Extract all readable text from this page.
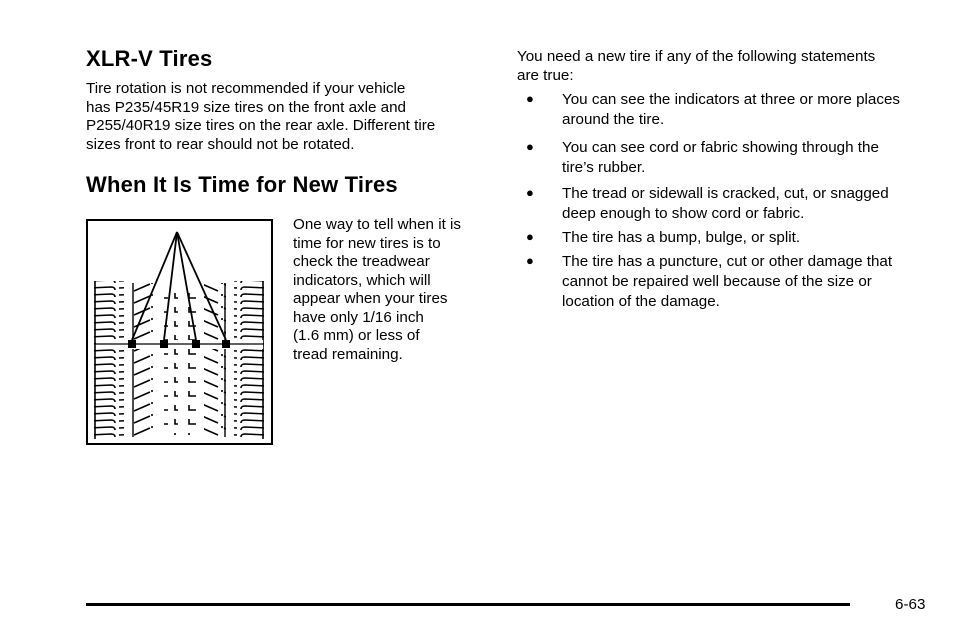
XLR-V Tires

Tire rotation is not recommended if your vehicle
has P235/45R19 size tires on the front axle and
P255/40R19 size tires on the rear axle. Different tire
sizes front to rear should not be rotated.

When It Is Time for New Tires

One way to tell when it is
time for new tires is to
check the treadwear
indicators, which will
appear when your tires
have only 1/16 inch
(1.6 mm) or less of
tread remaining.

You need a new tire if any of the following statements
are true:

● You can see the indicators at three or more places
around the tire.
● You can see cord or fabric showing through the
tire’s rubber.
● The tread or sidewall is cracked, cut, or snagged
deep enough to show cord or fabric.
● The tire has a bump, bulge, or split.
● The tire has a puncture, cut or other damage that
cannot be repaired well because of the size or
location of the damage.
6-63
